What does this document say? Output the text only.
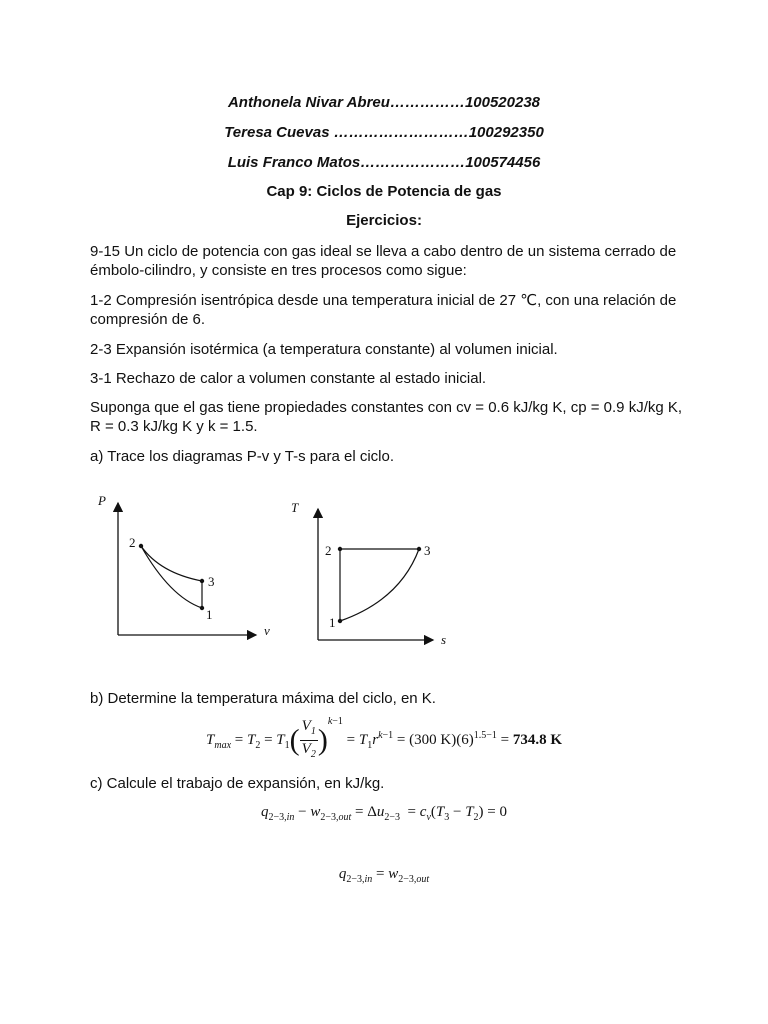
Anthonela Nivar Abreu……………100520238
Teresa Cuevas ………………………100292350
Luis Franco Matos…………………100574456
Cap 9: Ciclos de Potencia de gas
Ejercicios:
9-15 Un ciclo de potencia con gas ideal se lleva a cabo dentro de un sistema cerrado de émbolo-cilindro, y consiste en tres procesos como sigue:
1-2 Compresión isentrópica desde una temperatura inicial de 27 ℃, con una relación de compresión de 6.
2-3 Expansión isotérmica (a temperatura constante) al volumen inicial.
3-1 Rechazo de calor a volumen constante al estado inicial.
Suponga que el gas tiene propiedades constantes con cv = 0.6 kJ/kg K, cp = 0.9 kJ/kg K, R = 0.3 kJ/kg K y k = 1.5.
a) Trace los diagramas P-v y T-s para el ciclo.
P
v
2
3
1
T
s
2	3
1
b) Determine la temperatura máxima del ciclo, en K.
$T_{max} = T_2 = T_1( \frac{V_1}{V_2} )^{k-1} = T_1r^{k-1} = (300$ $K)(6)^{1.5-1} = 734.8$ K
c) Calcule el trabajo de expansión, en kJ/kg.
$q_{2-3,in} - w_{2-3,out} = \Delta u_{2-3} = c_v(T_3 - T_2) = 0$
$q_{2-3,in} = w_{2-3,out}$
